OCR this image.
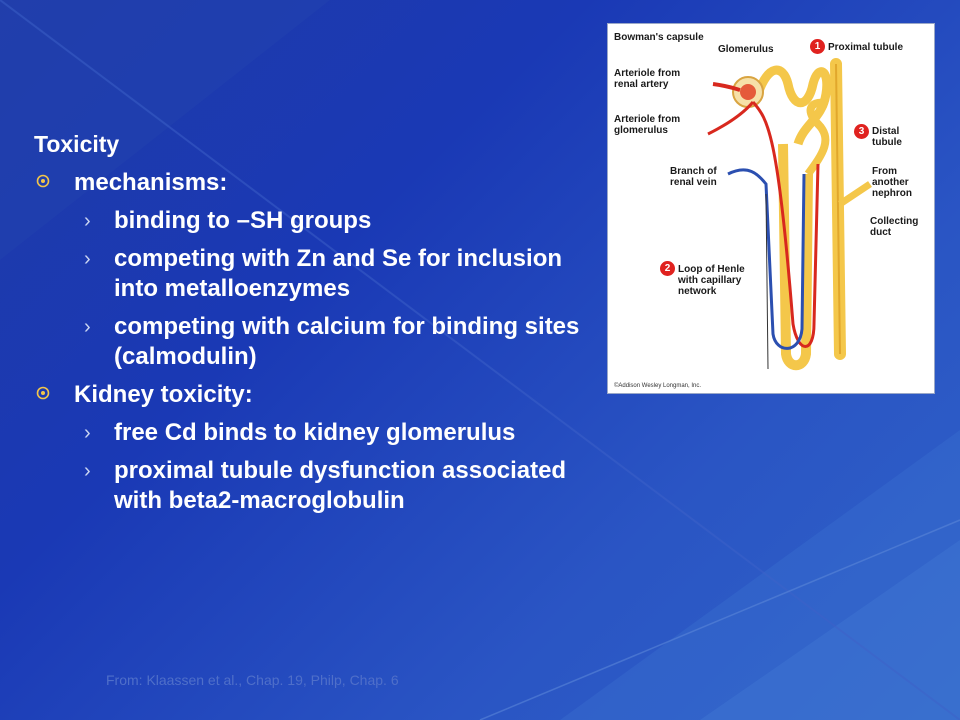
Toxicity
mechanisms:
› binding to –SH groups
› competing with Zn and Se for inclusion into metalloenzymes
› competing with calcium for binding sites (calmodulin)
Kidney toxicity:
› free Cd binds to kidney glomerulus
› proximal tubule dysfunction associated with beta2-macroglobulin
From: Klaassen et al., Chap. 19, Philp, Chap. 6
Bowman's capsule
Glomerulus	1 Proximal tubule
Arteriole from renal artery
Arteriole from glomerulus	3 Distal tubule
Branch of renal vein
From another nephron
Collecting duct
2 Loop of Henle with capillary network
©Addison Wesley Longman, Inc.
